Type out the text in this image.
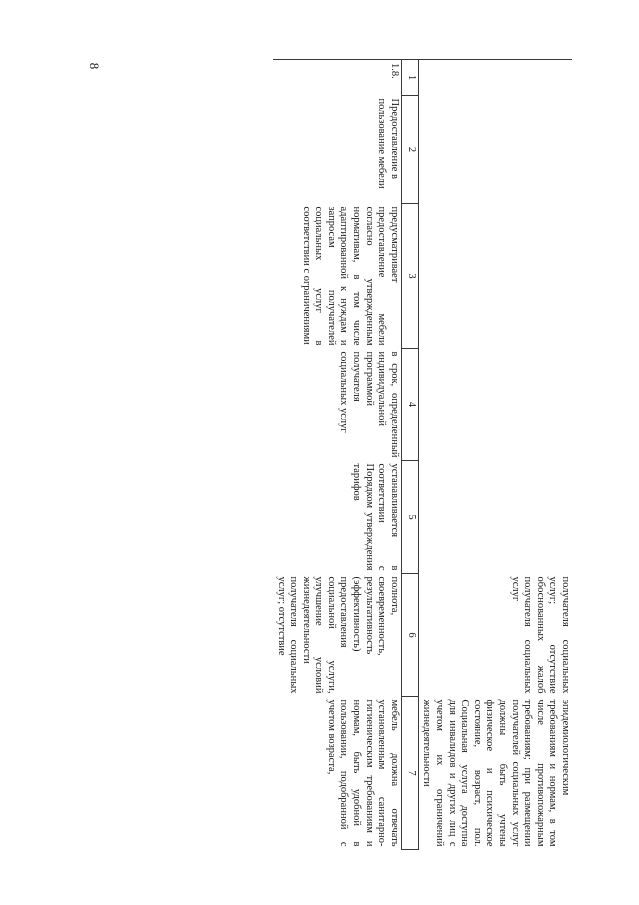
8
					получателя социальных услуг; отсутствие обоснованных жалоб получателя социальных услуг	эпидемиологическим требованиям и нормам, в том числе противопожарным требованиям; при размещении получателей социальных услуг должны быть учтены физическое и психическое состояние, возраст, пол. Социальная услуга доступна для инвалидов и других лиц с учетом их ограничений жизнедеятельности
1	2	3	4	5	6	7
1.8.	Предоставление в пользование мебели	предусматривает предоставление мебели согласно утвержденным нормативам, в том числе адаптированной к нуждам и запросам получателей социальных услуг в соответствии с ограничениями	в срок, определенный индивидуальной программой получателя социальных услуг	устанавливается в соответствии с Порядком утверждения тарифов	полнота, своевременность, результативность (эффективность) предоставления социальной услуги, улучшение условий жизнедеятельности получателя социальных услуг; отсутствие	мебель должна отвечать установленным санитарно-гигиеническим требованиям и нормам, быть удобной в пользовании, подобранной с учетом возраста,
